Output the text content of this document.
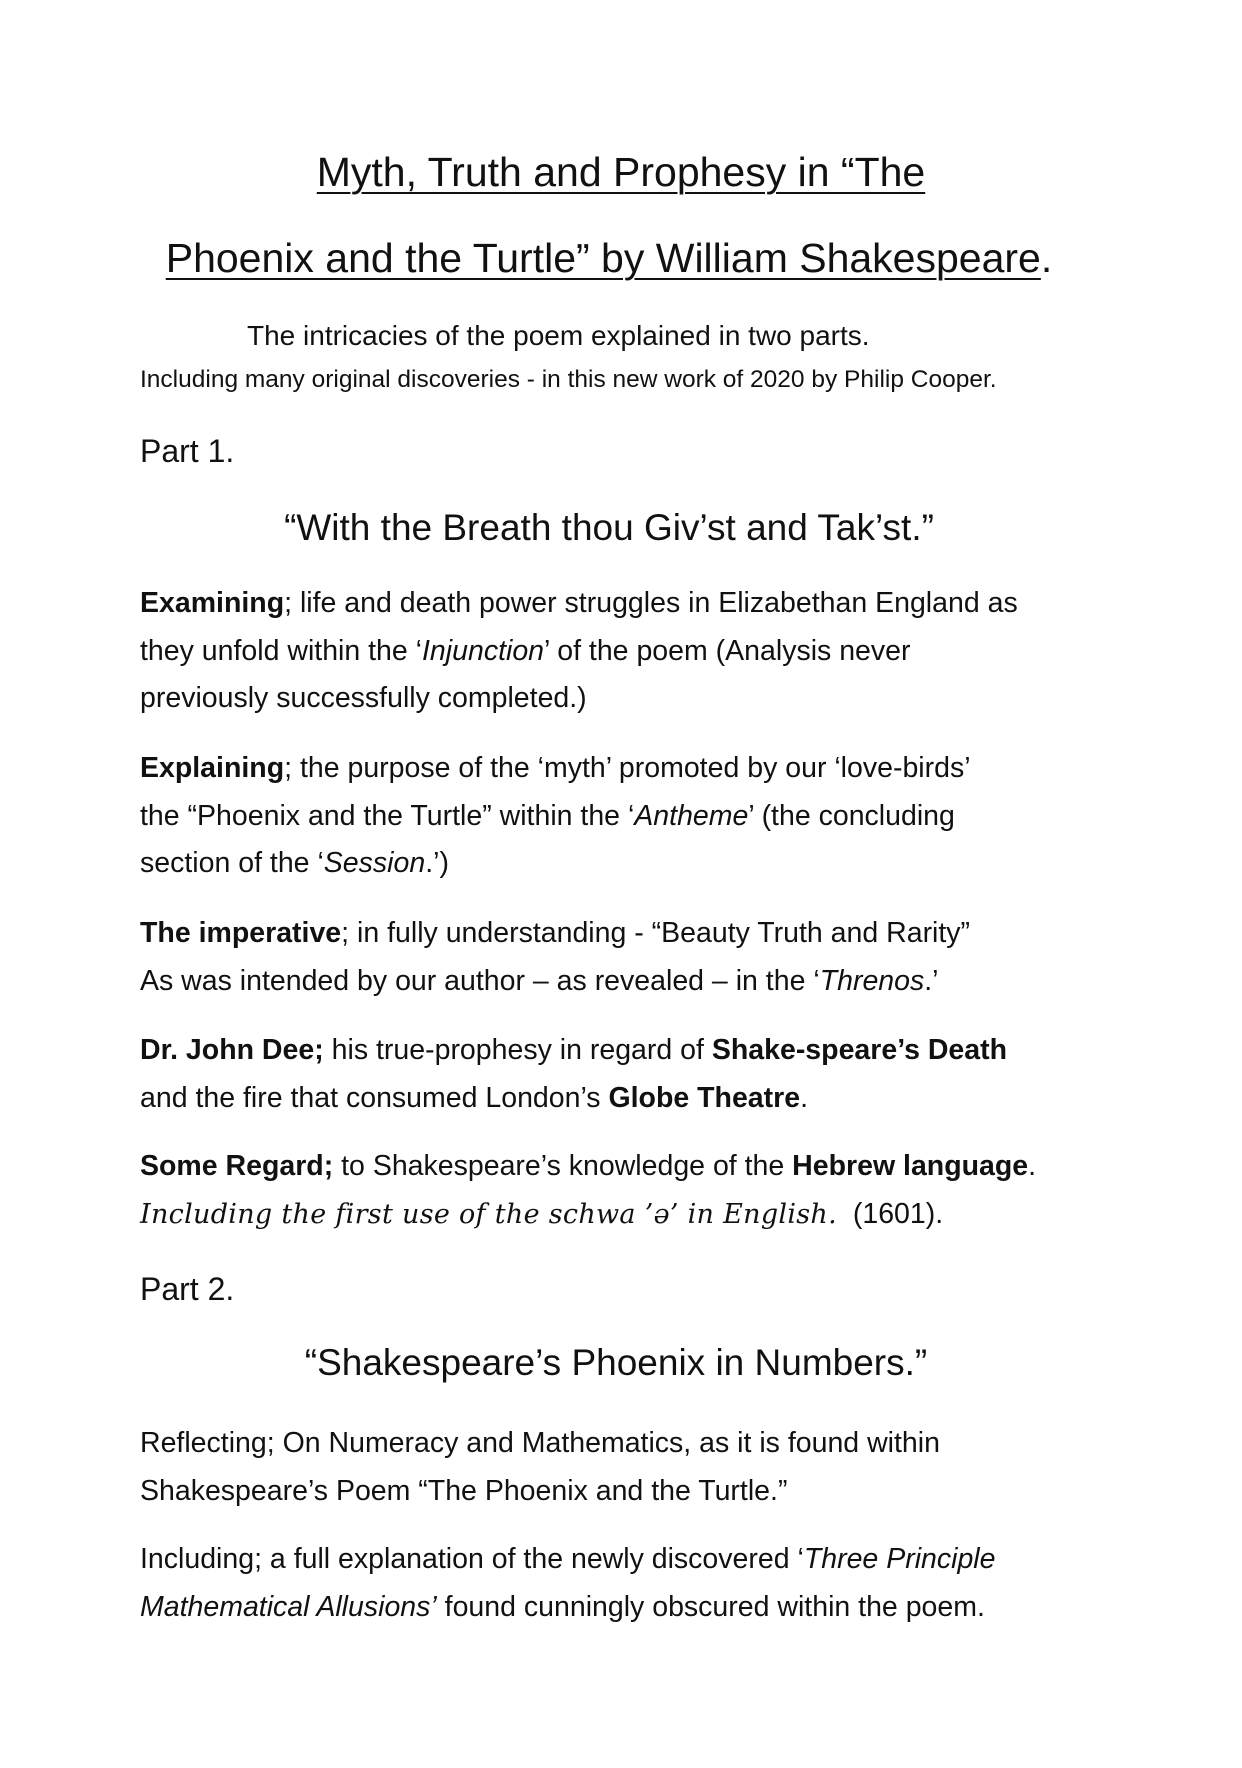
Myth, Truth and Prophesy in “The
Phoenix and the Turtle” by William Shakespeare.
The intricacies of the poem explained in two parts.
Including many original discoveries - in this new work of 2020 by Philip Cooper.
Part 1.
“With the Breath thou Giv’st and Tak’st.”
Examining; life and death power struggles in Elizabethan England as
they unfold within the ‘Injunction’ of the poem (Analysis never
previously successfully completed.)
Explaining; the purpose of the ‘myth’ promoted by our ‘love-birds’
the “Phoenix and the Turtle” within the ‘Antheme’ (the concluding
section of the ‘Session.’)
The imperative; in fully understanding - “Beauty Truth and Rarity”
As was intended by our author – as revealed – in the ‘Threnos.’
Dr. John Dee; his true-prophesy in regard of Shake-speare’s Death
and the fire that consumed London’s Globe Theatre.
Some Regard; to Shakespeare’s knowledge of the Hebrew language.
Including the first use of the schwa ’ə’ in English.  (1601).
Part 2.
“Shakespeare’s Phoenix in Numbers.”
Reflecting; On Numeracy and Mathematics, as it is found within
Shakespeare’s Poem “The Phoenix and the Turtle.”
Including; a full explanation of the newly discovered ‘Three Principle
Mathematical Allusions’ found cunningly obscured within the poem.
